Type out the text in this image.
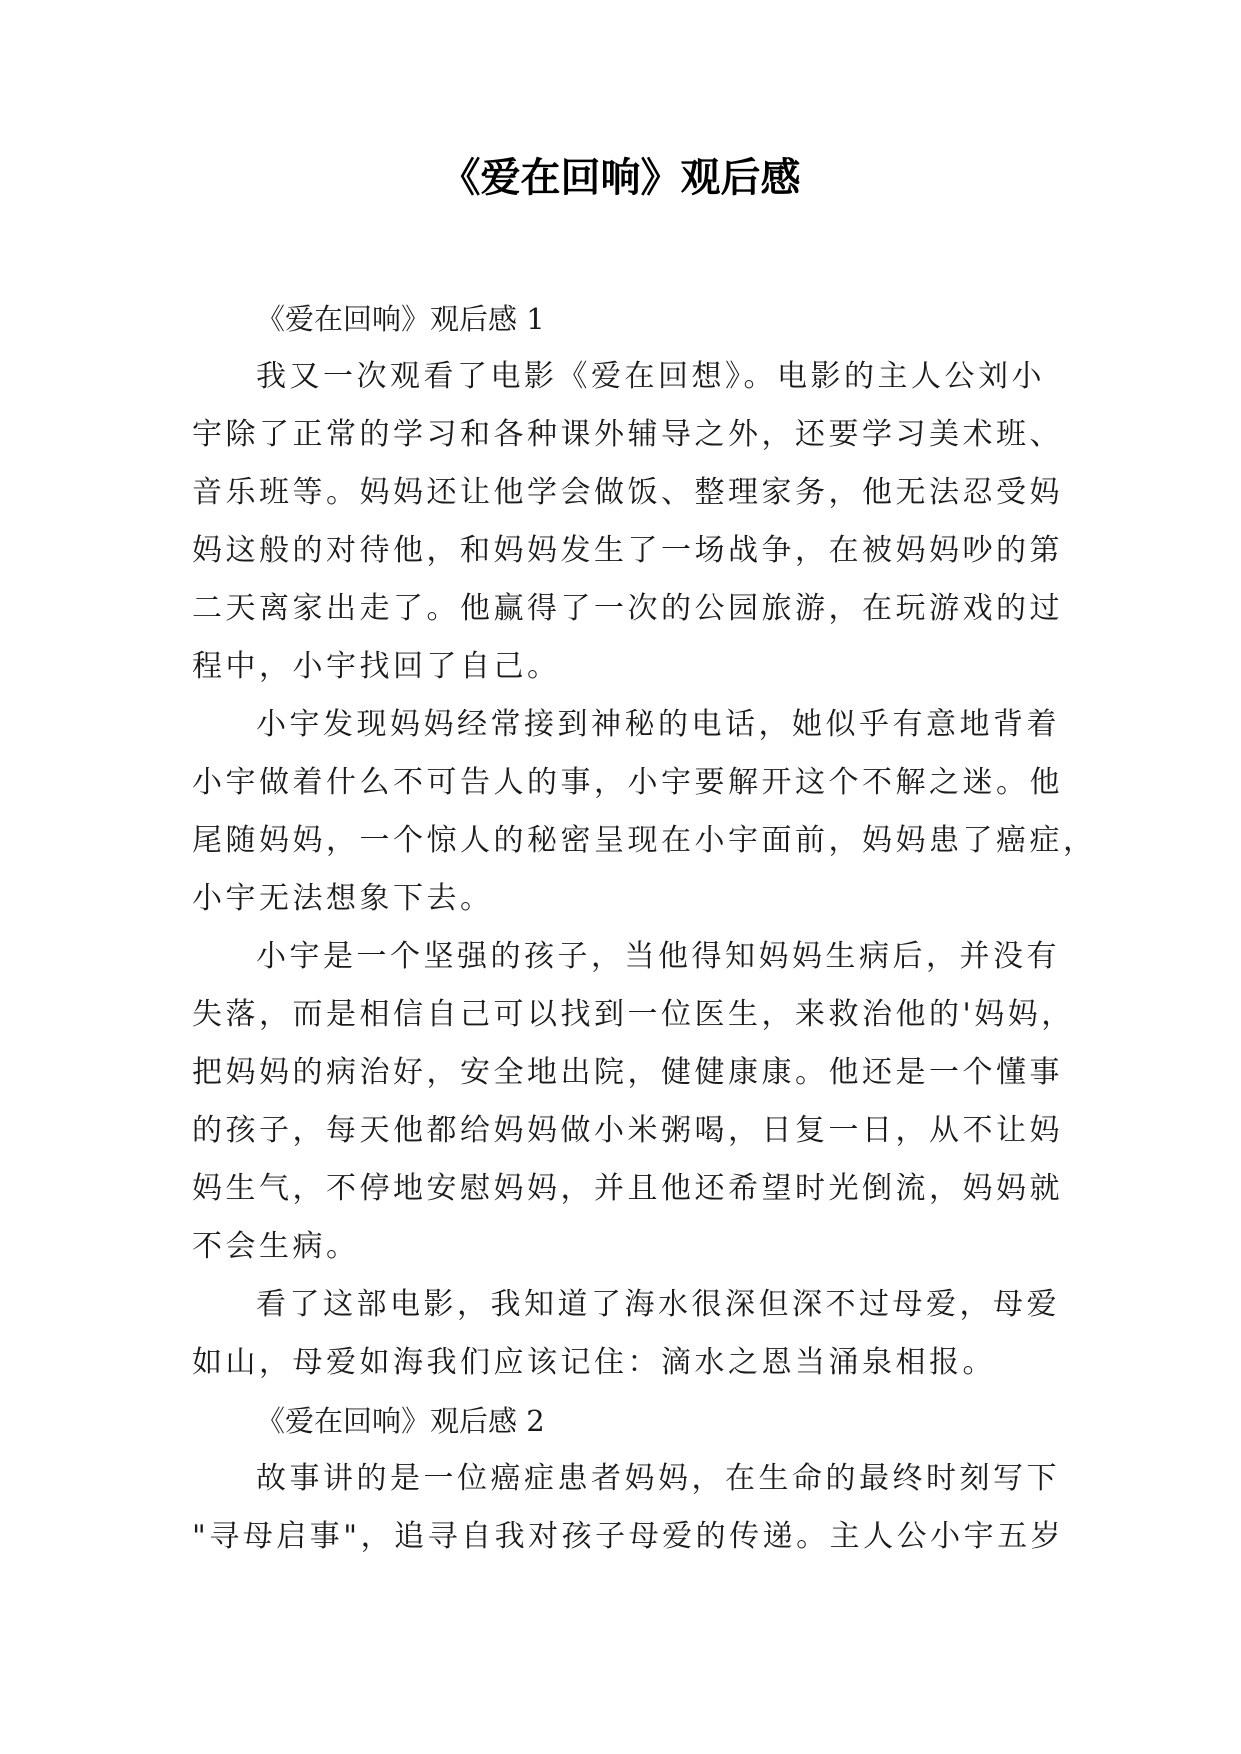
《爱在回响》观后感
《爱在回响》观后感 1

我又一次观看了电影《爱在回想》。电影的主人公刘小
宇除了正常的学习和各种课外辅导之外，还要学习美术班、
音乐班等。妈妈还让他学会做饭、整理家务，他无法忍受妈
妈这般的对待他，和妈妈发生了一场战争，在被妈妈吵的第
二天离家出走了。他赢得了一次的公园旅游，在玩游戏的过
程中，小宇找回了自己。

小宇发现妈妈经常接到神秘的电话，她似乎有意地背着
小宇做着什么不可告人的事，小宇要解开这个不解之迷。他
尾随妈妈，一个惊人的秘密呈现在小宇面前，妈妈患了癌症，
小宇无法想象下去。

小宇是一个坚强的孩子，当他得知妈妈生病后，并没有
失落，而是相信自己可以找到一位医生，来救治他的'妈妈，
把妈妈的病治好，安全地出院，健健康康。他还是一个懂事
的孩子，每天他都给妈妈做小米粥喝，日复一日，从不让妈
妈生气，不停地安慰妈妈，并且他还希望时光倒流，妈妈就
不会生病。

看了这部电影，我知道了海水很深但深不过母爱，母爱
如山，母爱如海我们应该记住：滴水之恩当涌泉相报。

《爱在回响》观后感 2

故事讲的是一位癌症患者妈妈，在生命的最终时刻写下
"寻母启事"，追寻自我对孩子母爱的传递。主人公小宇五岁
